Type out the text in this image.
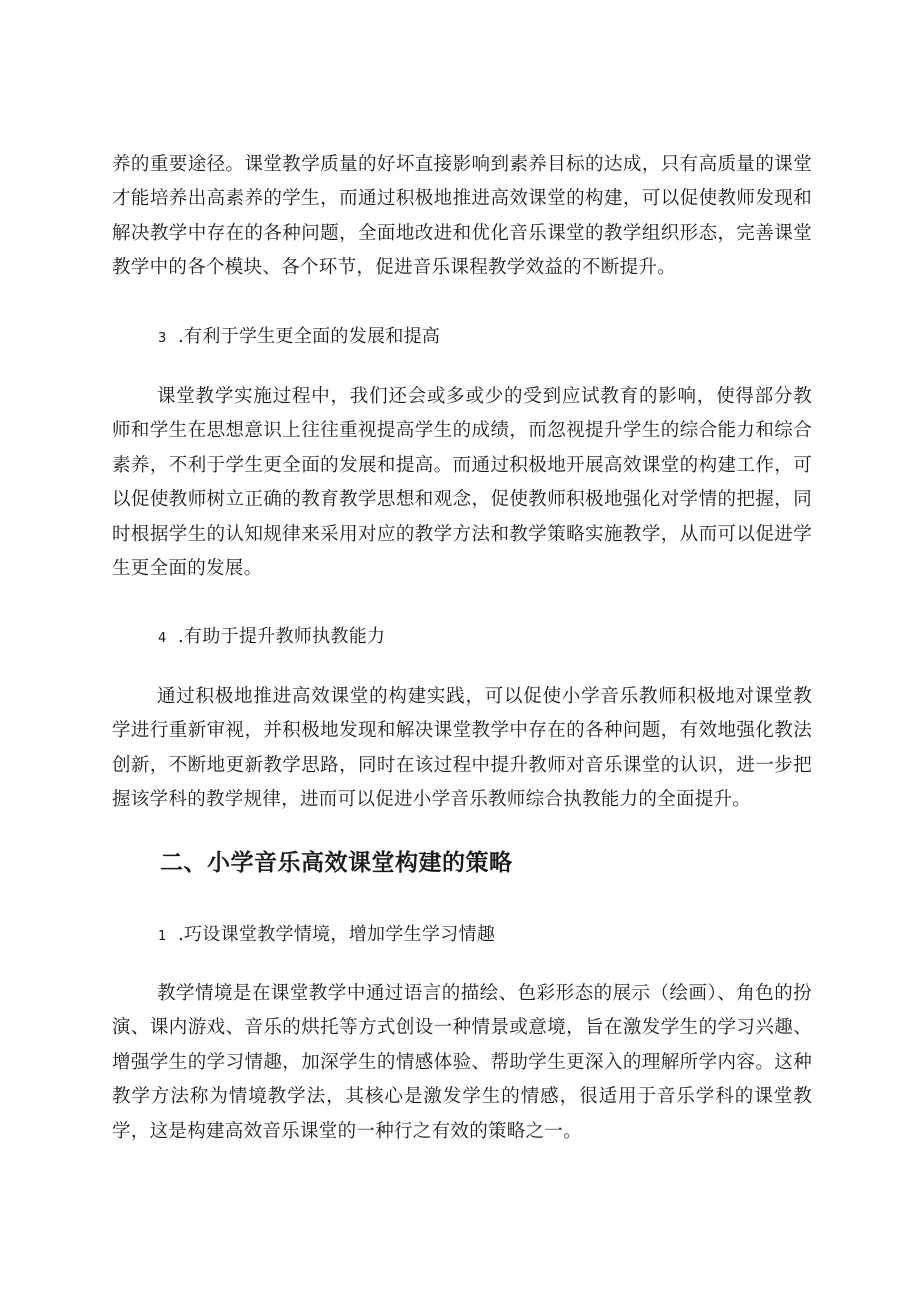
养的重要途径。课堂教学质量的好坏直接影响到素养目标的达成，只有高质量的课堂才能培养出高素养的学生，而通过积极地推进高效课堂的构建，可以促使教师发现和解决教学中存在的各种问题，全面地改进和优化音乐课堂的教学组织形态，完善课堂教学中的各个模块、各个环节，促进音乐课程教学效益的不断提升。

3 .有利于学生更全面的发展和提高

课堂教学实施过程中，我们还会或多或少的受到应试教育的影响，使得部分教师和学生在思想意识上往往重视提高学生的成绩，而忽视提升学生的综合能力和综合素养，不利于学生更全面的发展和提高。而通过积极地开展高效课堂的构建工作，可以促使教师树立正确的教育教学思想和观念，促使教师积极地强化对学情的把握，同时根据学生的认知规律来采用对应的教学方法和教学策略实施教学，从而可以促进学生更全面的发展。

4 .有助于提升教师执教能力

通过积极地推进高效课堂的构建实践，可以促使小学音乐教师积极地对课堂教学进行重新审视，并积极地发现和解决课堂教学中存在的各种问题，有效地强化教法创新，不断地更新教学思路，同时在该过程中提升教师对音乐课堂的认识，进一步把握该学科的教学规律，进而可以促进小学音乐教师综合执教能力的全面提升。

二、小学音乐高效课堂构建的策略
1 .巧设课堂教学情境，增加学生学习情趣

教学情境是在课堂教学中通过语言的描绘、色彩形态的展示（绘画）、角色的扮演、课内游戏、音乐的烘托等方式创设一种情景或意境，旨在激发学生的学习兴趣、增强学生的学习情趣，加深学生的情感体验、帮助学生更深入的理解所学内容。这种教学方法称为情境教学法，其核心是激发学生的情感，很适用于音乐学科的课堂教学，这是构建高效音乐课堂的一种行之有效的策略之一。
